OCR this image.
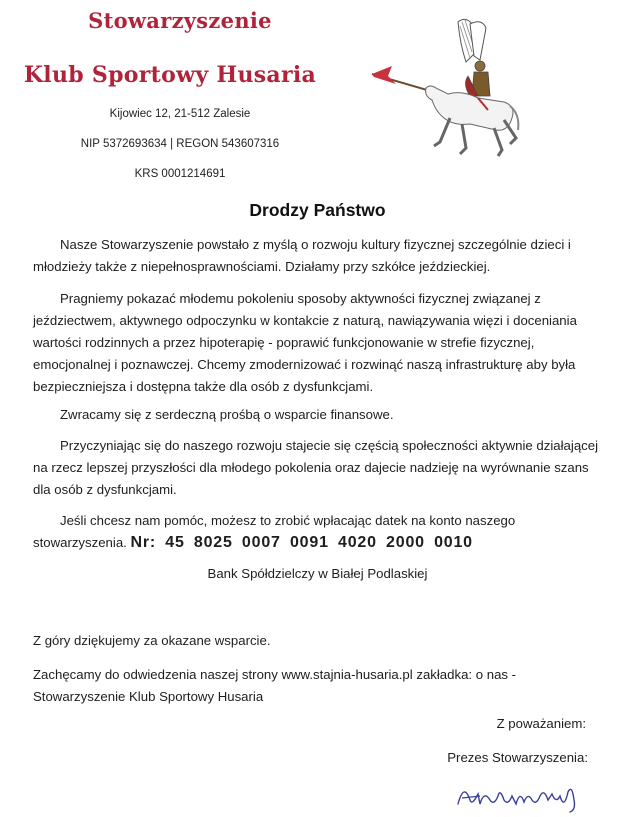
Stowarzyszenie
Klub Sportowy Husaria
Kijowiec 12, 21-512 Zalesie
NIP 5372693634 | REGON 543607316
KRS 0001214691
Drodzy Państwo

Nasze Stowarzyszenie powstało z myślą o rozwoju kultury fizycznej szczególnie dzieci i młodzieży także z niepełnosprawnościami. Działamy przy szkółce jeździeckiej.

Pragniemy pokazać młodemu pokoleniu sposoby aktywności fizycznej związanej z jeździectwem, aktywnego odpoczynku w kontakcie z naturą, nawiązywania więzi i doceniania wartości rodzinnych a przez hipoterapię - poprawić funkcjonowanie w strefie fizycznej, emocjonalnej i poznawczej. Chcemy zmodernizować i rozwinąć naszą infrastrukturę aby była bezpieczniejsza i dostępna także dla osób z dysfunkcjami.

Zwracamy się z serdeczną prośbą o wsparcie finansowe.

Przyczyniając się do naszego rozwoju stajecie się częścią społeczności aktywnie działającej na rzecz lepszej przyszłości dla młodego pokolenia oraz dajecie nadzieję na wyrównanie szans dla osób z dysfunkcjami.

Jeśli chcesz nam pomóc, możesz to zrobić wpłacając datek na konto naszego stowarzyszenia. Nr: 45 8025 0007 0091 4020 2000 0010

Bank Spółdzielczy w Białej Podlaskiej
Z góry dziękujemy za okazane wsparcie.
Zachęcamy do odwiedzenia naszej strony www.stajnia-husaria.pl zakładka: o nas - Stowarzyszenie Klub Sportowy Husaria
Z poważaniem:
Prezes Stowarzyszenia:
